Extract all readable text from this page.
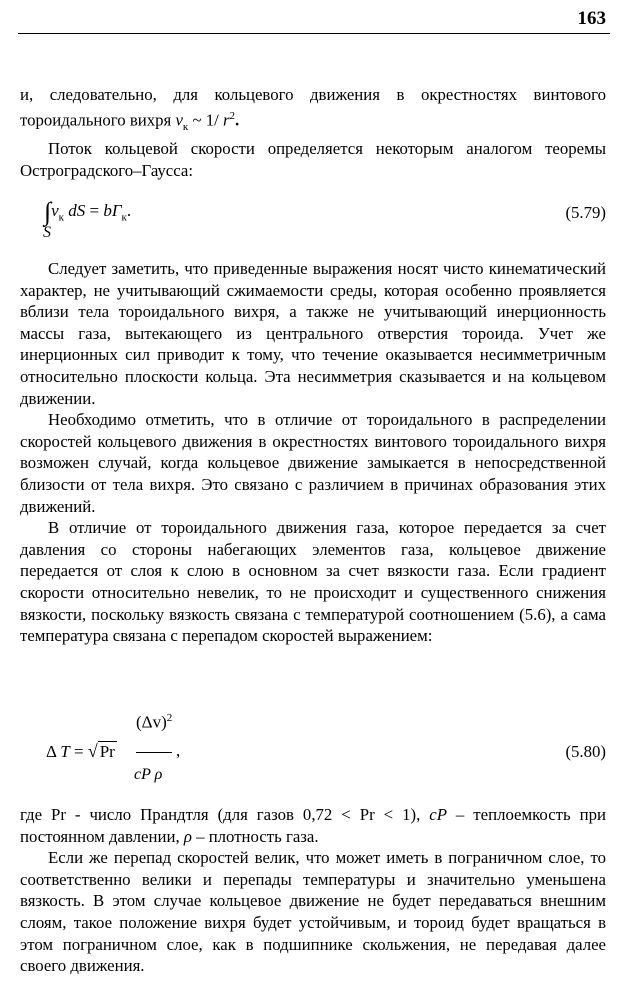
163

и, следовательно, для кольцевого движения в окрестностях винтового тороидального вихря $v_к$ ~ 1/ $r^2$.

Поток кольцевой скорости определяется некоторым аналогом теоремы Остроградского–Гаусса:

$\int v_к$ dS = $b\Gamma_к$.
S
(5.79)

Следует заметить, что приведенные выражения носят чисто кинематический характер, не учитывающий сжимаемости среды, которая особенно проявляется вблизи тела тороидального вихря, а также не учитывающий инерционность массы газа, вытекающего из центрального отверстия тороида. Учет же инерционных сил приводит к тому, что течение оказывается несимметричным относительно плоскости кольца. Эта несимметрия сказывается и на кольцевом движении.

Необходимо отметить, что в отличие от тороидального в распределении скоростей кольцевого движения в окрестностях винтового тороидального вихря возможен случай, когда кольцевое движение замыкается в непосредственной близости от тела вихря. Это связано с различием в причинах образования этих движений.

В отличие от тороидального движения газа, которое передается за счет давления со стороны набегающих элементов газа, кольцевое движение передается от слоя к слою в основном за счет вязкости газа. Если градиент скорости относительно невелик, то не происходит и существенного снижения вязкости, поскольку вязкость связана с температурой соотношением (5.6), а сама температура связана с перепадом скоростей выражением:

$(\Delta v)^2$
Δ T = √ Pr	,
cP ρ
(5.80)

где Pr - число Прандтля (для газов 0,72 < Pr < 1), cP – теплоемкость при постоянном давлении, ρ – плотность газа.

Если же перепад скоростей велик, что может иметь в пограничном слое, то соответственно велики и перепады температуры и значительно уменьшена вязкость. В этом случае кольцевое движение не будет передаваться внешним слоям, такое положение вихря будет устойчивым, и тороид будет вращаться в этом пограничном слое, как в подшипнике скольжения, не передавая далее своего движения.
